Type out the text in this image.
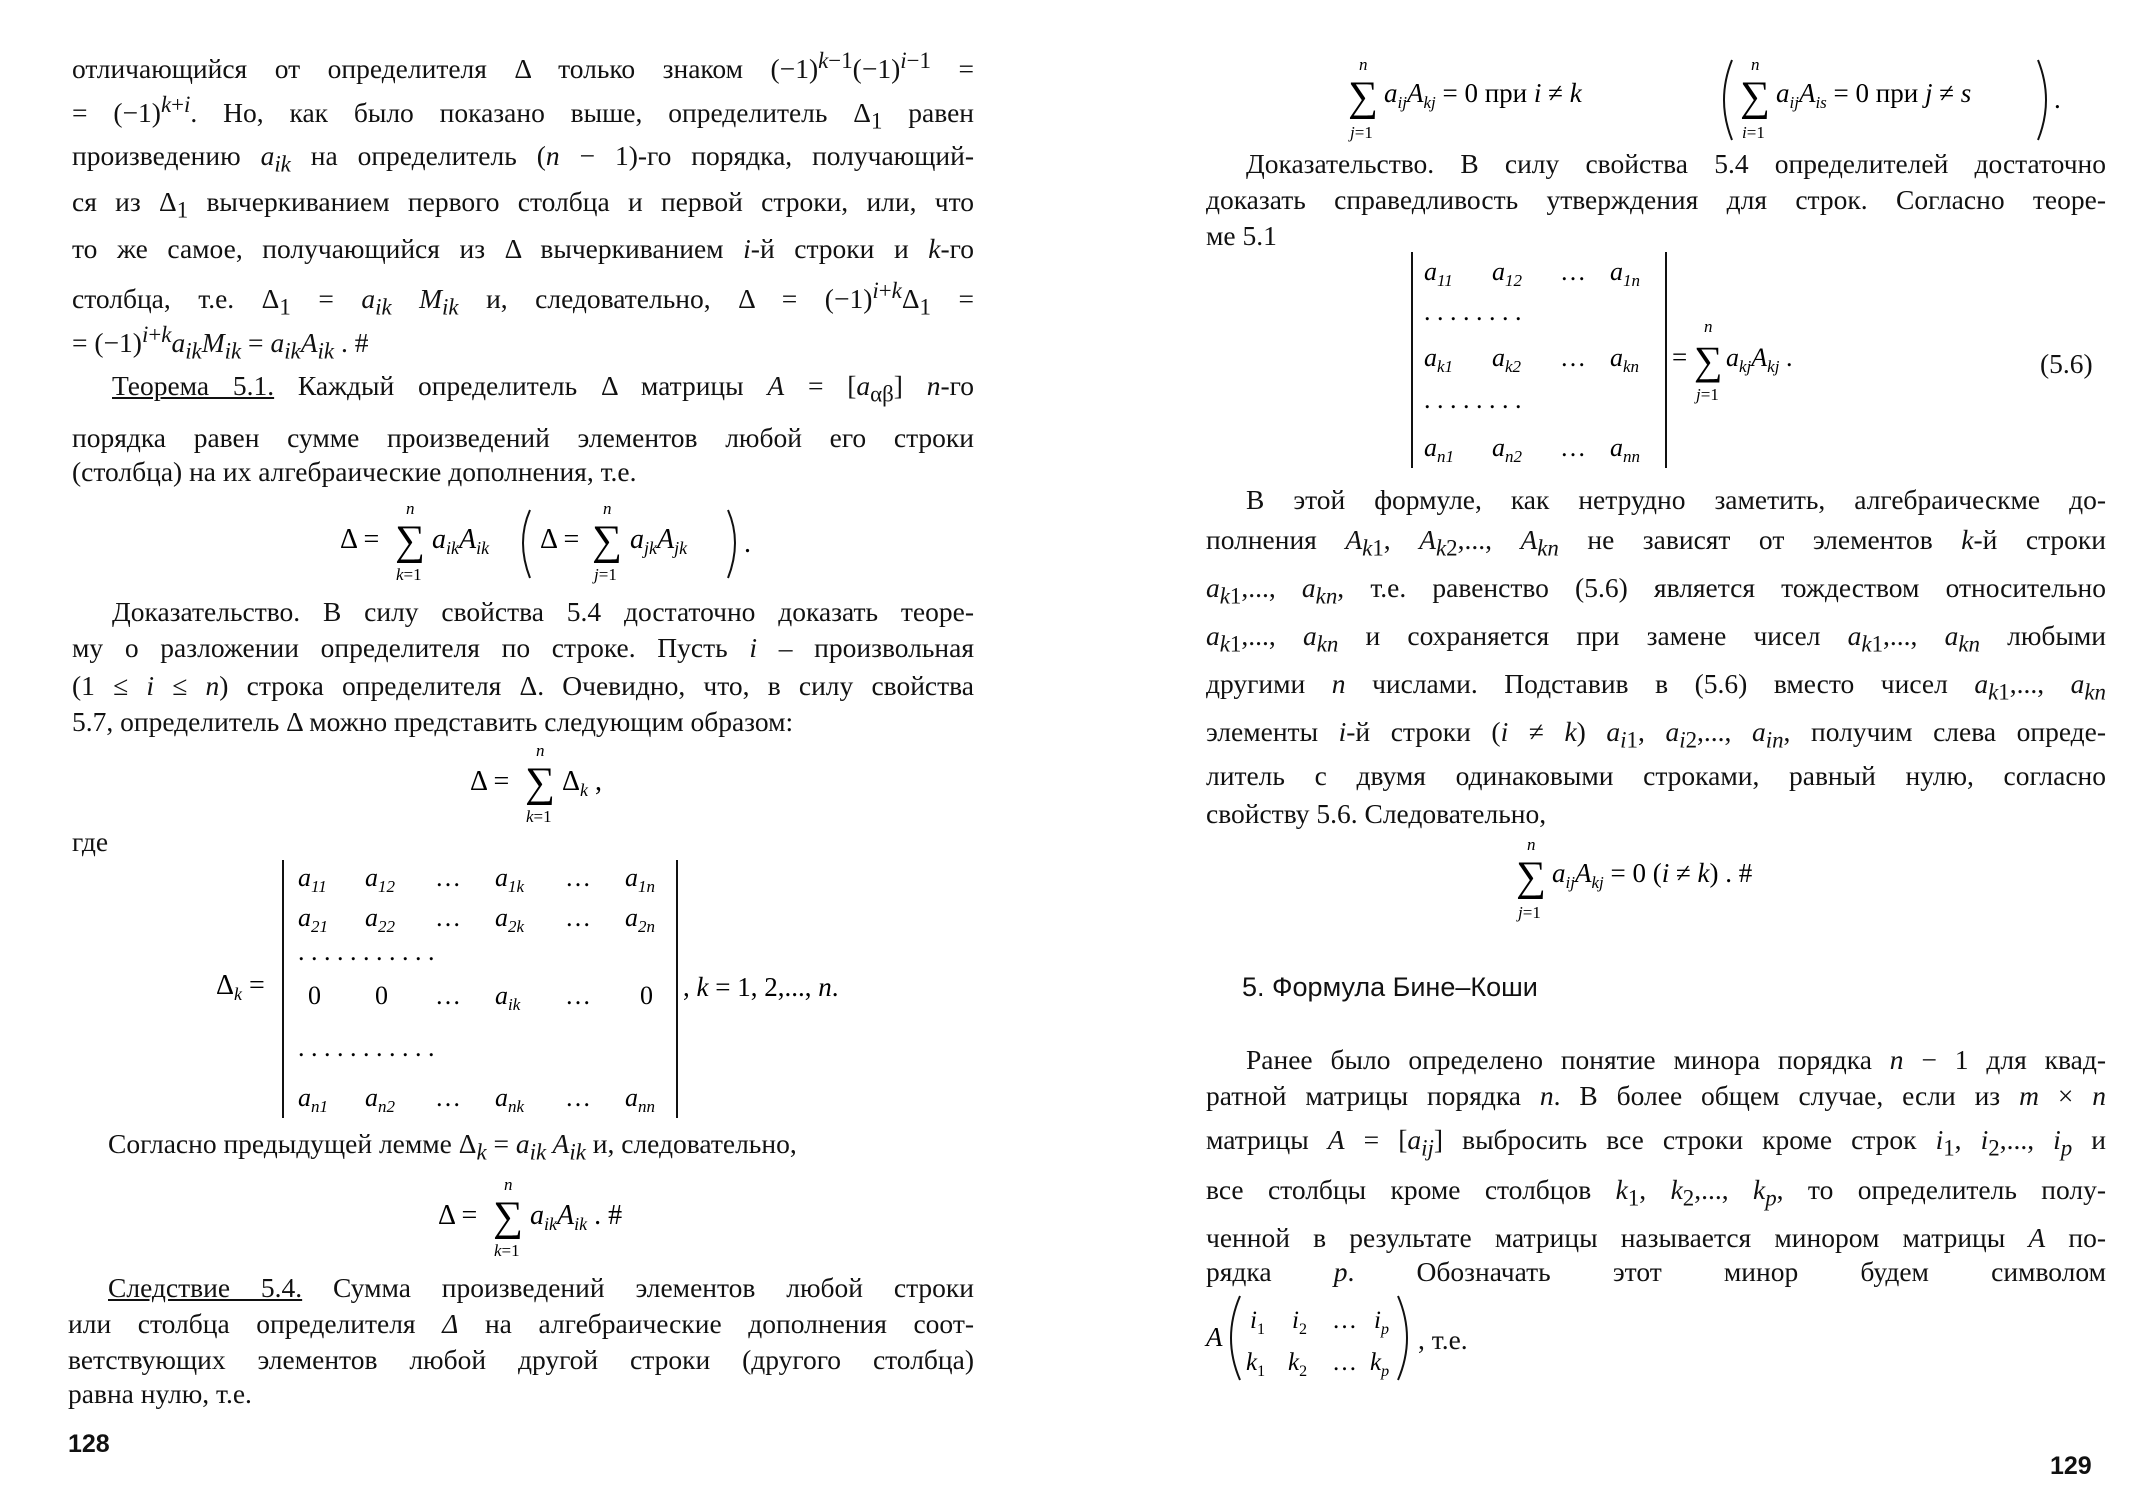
отличающийся от определителя Δ только знаком $(-1)^{k-1}(-1)^{i-1}$ =
= $(-1)^{k+i}$. Но, как было показано выше, определитель $\Delta_1$ равен
произведению $a_{ik}$ на определитель (n − 1)-го порядка, получающий-
ся из $\Delta_1$ вычеркиванием первого столбца и первой строки, или, что
то же самое, получающийся из Δ вычеркиванием i-й строки и k-го
столбца, т.е. $\Delta_1 = a_{ik}$ $M_{ik}$ и, следовательно, $\Delta = (-1)^{i+k}\Delta_1$ =
= $(-1)^{i+k}a_{ik}M_{ik} = a_{ik}A_{ik}$ . #
Теорема 5.1. Каждый определитель Δ матрицы $A = [a_{\alpha\beta}]$ n-го
порядка равен сумме произведений элементов любой его строки
(столбца) на их алгебраические дополнения, т.е.
Δ = ∑
n
k=1
$a_{ik}A_{ik}$ Δ = ∑
n
j=1
$a_{jk}A_{jk}$ .
Доказательство. В силу свойства 5.4 достаточно доказать теоре-
му о разложении определителя по строке. Пусть i – произвольная
(1 ≤ i ≤ n) строка определителя Δ. Очевидно, что, в силу свойства
5.7, определитель Δ можно представить следующим образом:
Δ = ∑
n
k=1
$\Delta_k$ ,
где
$\Delta_k$ =
$a_{11}$ $a_{12}$ … $a_{1k}$ … $a_{1n}$
$a_{21}$ $a_{22}$ … $a_{2k}$ … $a_{2n}$
. . . . . . . . . . .
0 0 … $a_{ik}$ … 0
. . . . . . . . . . .
$a_{n1}$ $a_{n2}$ … $a_{nk}$ … $a_{nn}$
, k = 1, 2,..., n.
Согласно предыдущей лемме $\Delta_k = a_{ik}$ $A_{ik}$ и, следовательно,
Δ = ∑
n
k=1
$a_{ik}A_{ik}$ . #
Следствие 5.4. Сумма произведений элементов любой строки
или столбца определителя Δ на алгебраические дополнения соот-
ветствующих элементов любой другой строки (другого столбца)
равна нулю, т.е.
128
∑
n
j=1
$a_{ij}A_{kj} = 0$ при i ≠ k	∑
n
i=1
$a_{ij}A_{is} = 0$ при j ≠ s	.
Доказательство. В силу свойства 5.4 определителей достаточно
доказать справедливость утверждения для строк. Согласно теоре-
ме 5.1
$a_{11}$ $a_{12}$ … $a_{1n}$
. . . . . . . .
$a_{k1}$ $a_{k2}$ … $a_{kn}$
. . . . . . . .
$a_{n1}$ $a_{n2}$ … $a_{nn}$
= ∑
n
j=1
$a_{kj}A_{kj}$ .	(5.6)
В этой формуле, как нетрудно заметить, алгебраическме до-
полнения $A_{k1}$, $A_{k2}$,..., $A_{kn}$ не зависят от элементов k-й строки
$a_{k1}$,..., $a_{kn}$, т.е. равенство (5.6) является тождеством относительно
$a_{k1}$,..., $a_{kn}$ и сохраняется при замене чисел $a_{k1}$,..., $a_{kn}$ любыми
другими n числами. Подставив в (5.6) вместо чисел $a_{k1}$,..., $a_{kn}$
элементы i-й строки (i ≠ k) $a_{i1}$, $a_{i2}$,..., $a_{in}$, получим слева опреде-
литель с двумя одинаковыми строками, равный нулю, согласно
свойству 5.6. Следовательно,
∑
n
j=1
$a_{ij}A_{kj} = 0$ (i ≠ k) . #
5. Формула Бине–Коши
Ранее было определено понятие минора порядка n − 1 для квад-
ратной матрицы порядка n. В более общем случае, если из m × n
матрицы $A = [a_{ij}]$ выбросить все строки кроме строк $i_1$, $i_2$,..., $i_p$ и
все столбцы кроме столбцов $k_1$, $k_2$,..., $k_p$, то определитель полу-
ченной в результате матрицы называется минором матрицы A по-
рядка p. Обозначать этот минор будем символом
A
$i_1$ $i_2$ … $i_p$
$k_1$ $k_2$ … $k_p$
, т.е.
129
